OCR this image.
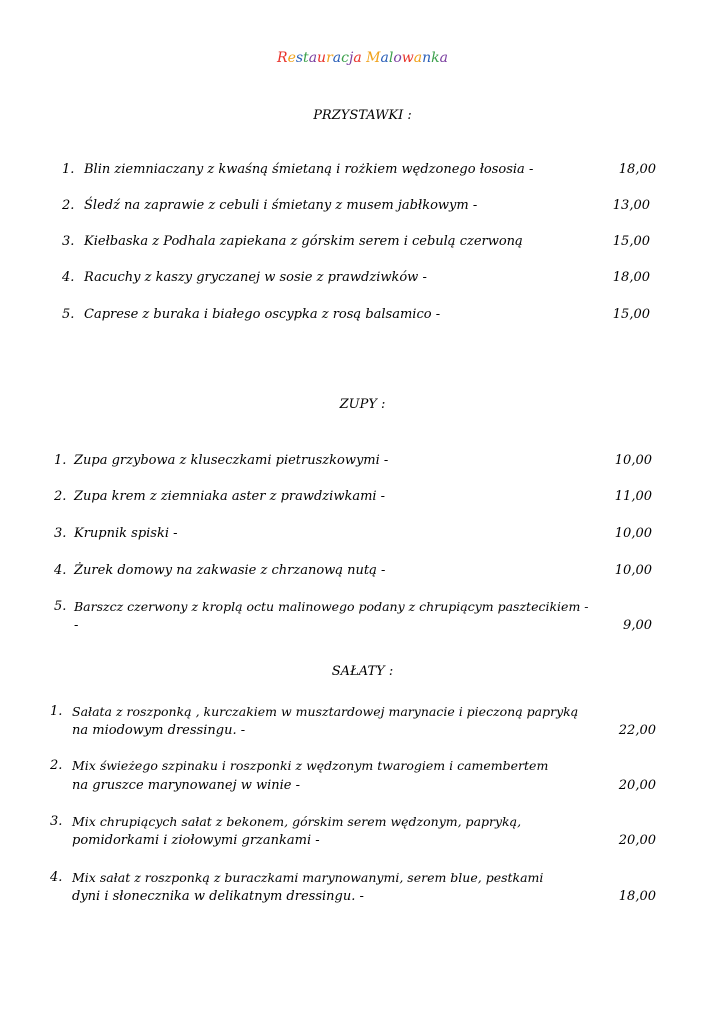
Restauracja Malowanka
PRZYSTAWKI :
1. Blin ziemniaczany z kwaśną śmietaną i rożkiem wędzonego łososia -	18,00
2. Śledź na zaprawie z cebuli i śmietany z musem jabłkowym -	13,00
3. Kiełbaska z Podhala zapiekana z górskim serem i cebulą czerwoną	15,00
4. Racuchy z kaszy gryczanej w sosie z prawdziwków -	18,00
5. Caprese z buraka i białego oscypka z rosą balsamico -	15,00
ZUPY :
1. Zupa grzybowa z kluseczkami pietruszkowymi -	10,00
2. Zupa krem z ziemniaka aster z prawdziwkami -	11,00
3. Krupnik spiski -	10,00
4. Żurek domowy na zakwasie z chrzanową nutą -	10,00
5. Barszcz czerwony z kroplą octu malinowego podany z chrupiącym pasztecikiem -
-	9,00
SAŁATY :
1. Sałata z roszponką , kurczakiem w musztardowej marynacie i pieczoną papryką
na miodowym dressingu. -	22,00
2. Mix świeżego szpinaku i roszponki z wędzonym twarogiem i camembertem
na gruszce marynowanej w winie -	20,00
3. Mix chrupiących sałat z bekonem, górskim serem wędzonym, papryką,
pomidorkami i ziołowymi grzankami -	20,00
4. Mix sałat z roszponką z buraczkami marynowanymi, serem blue, pestkami
dyni i słonecznika w delikatnym dressingu. -	18,00
